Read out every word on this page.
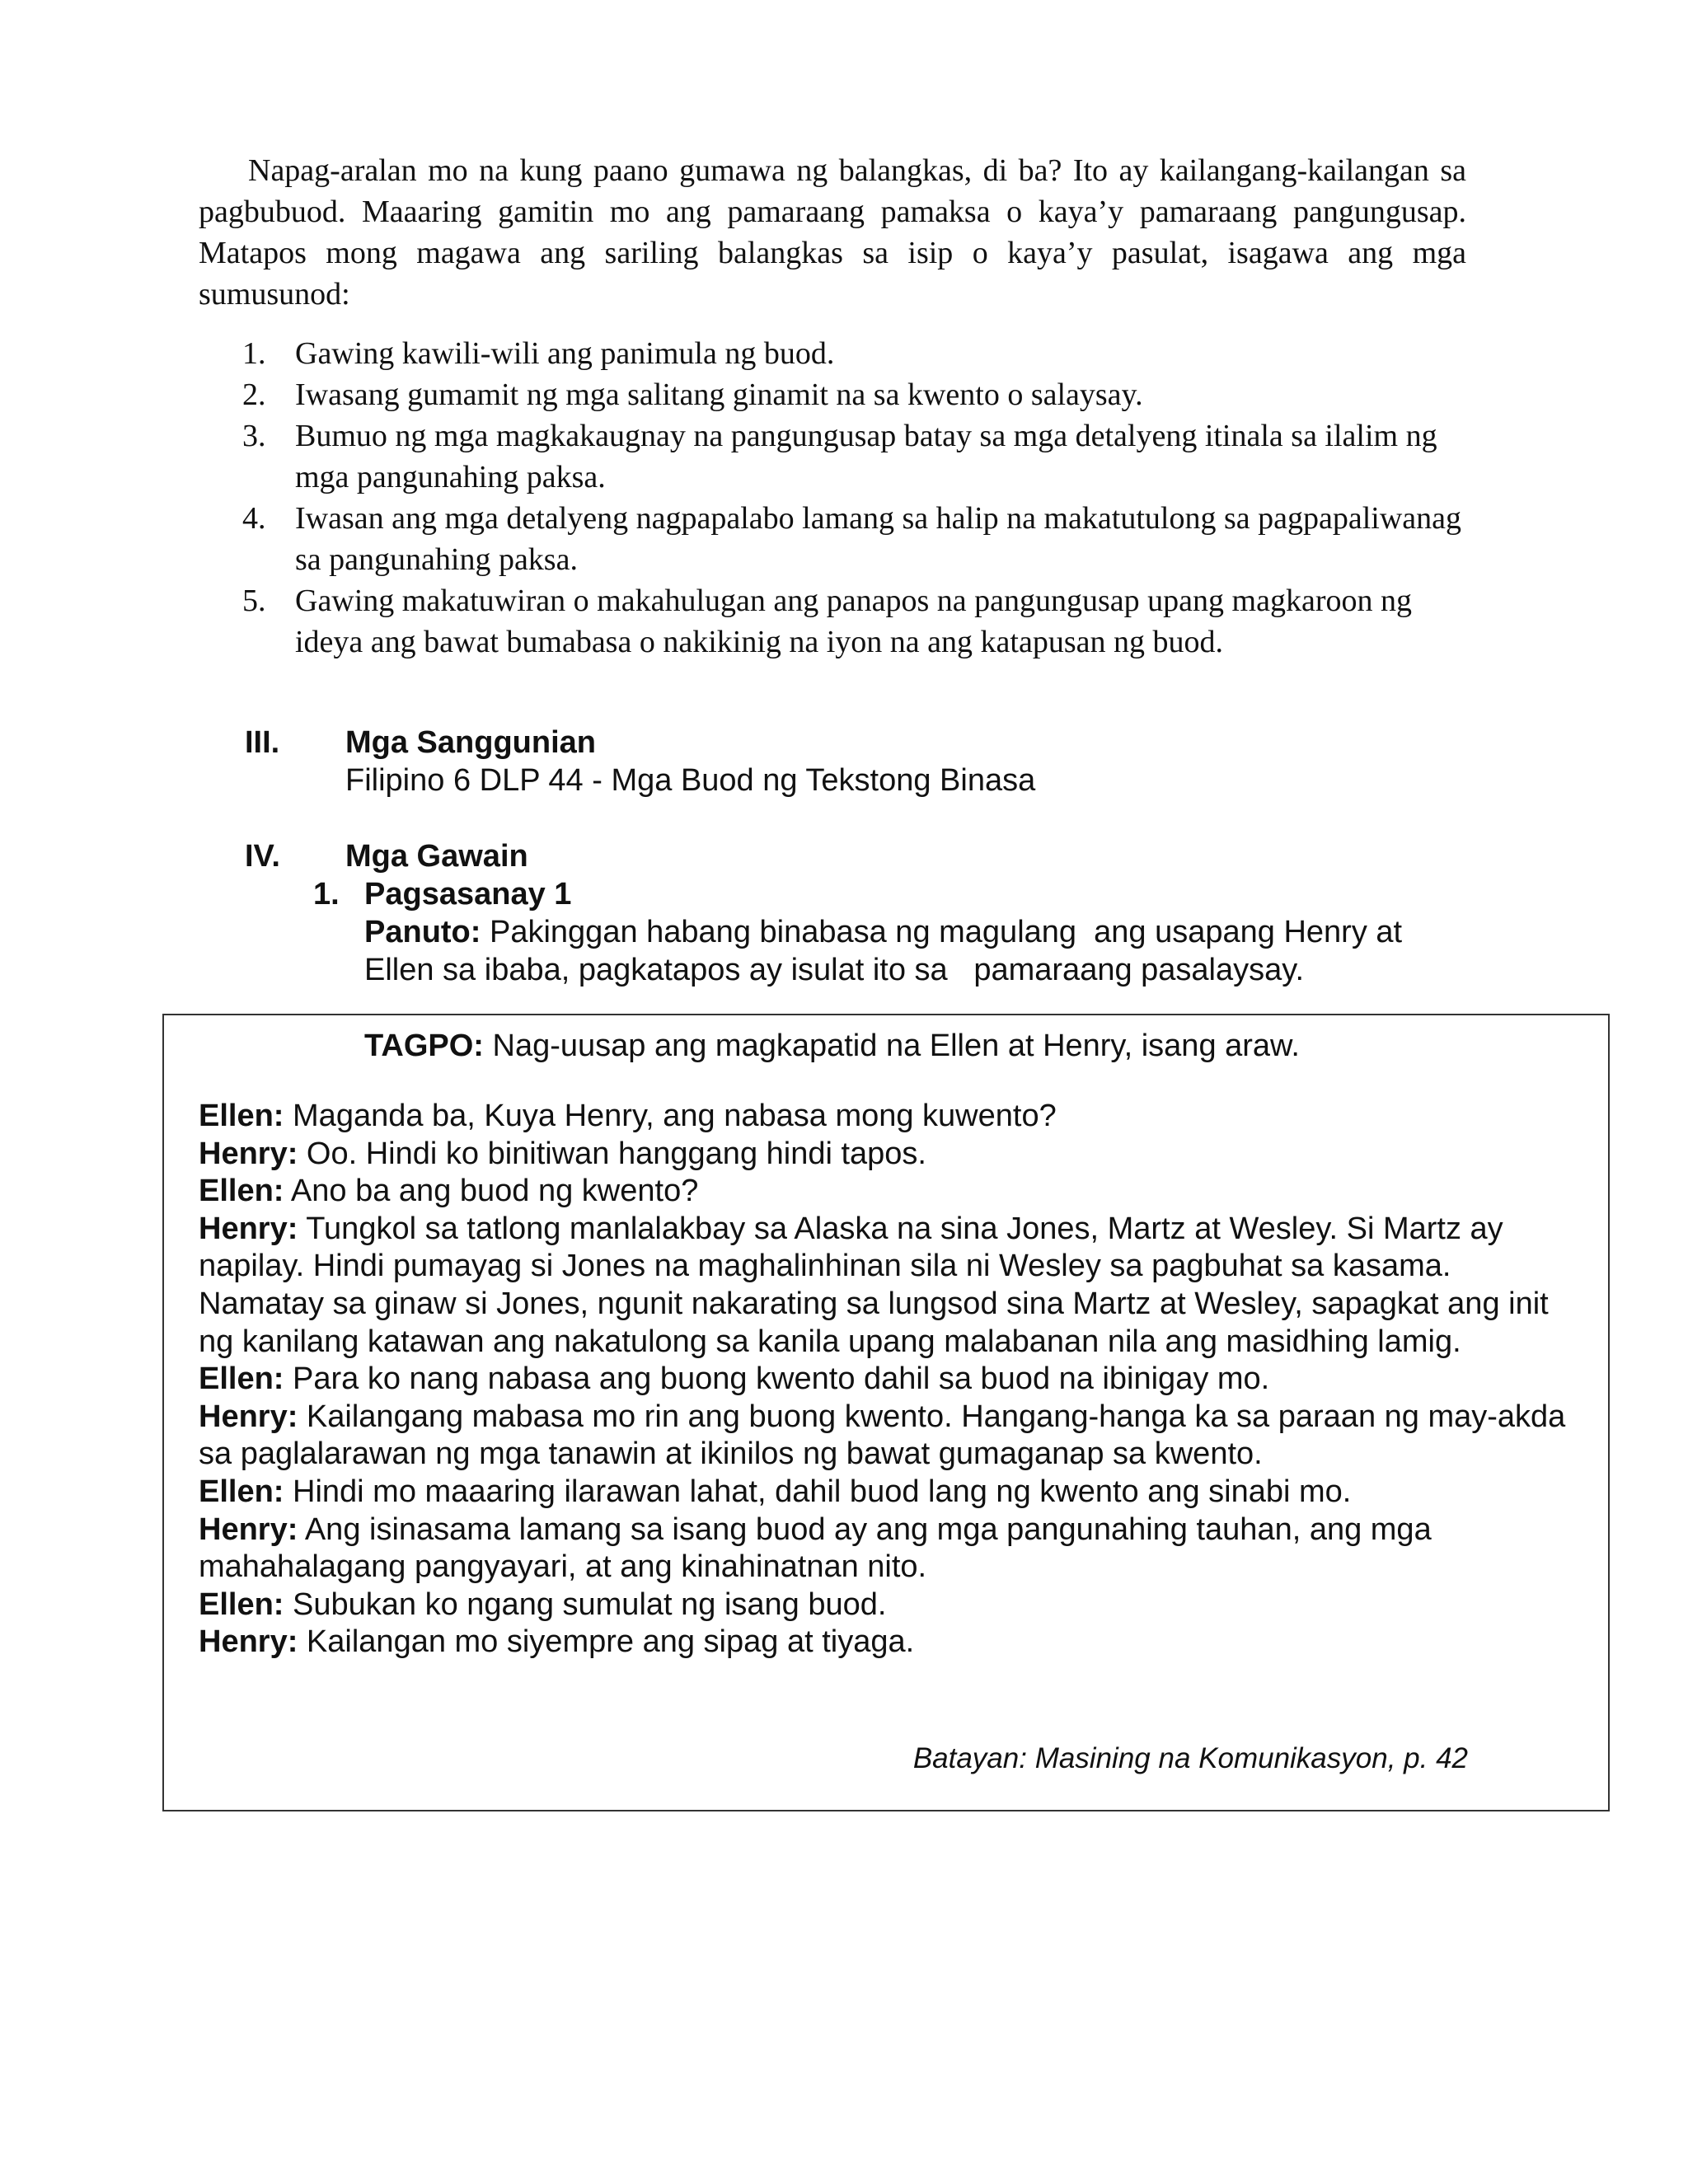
Napag-aralan mo na kung paano gumawa ng balangkas, di ba? Ito ay kailangang-kailangan sa pagbubuod. Maaaring gamitin mo ang pamaraang pamaksa o kaya’y pamaraang pangungusap. Matapos mong magawa ang sariling balangkas sa isip o kaya’y pasulat, isagawa ang mga sumusunod:

1. Gawing kawili-wili ang panimula ng buod.
2. Iwasang gumamit ng mga salitang ginamit na sa kwento o salaysay.
3. Bumuo ng mga magkakaugnay na pangungusap batay sa mga detalyeng itinala sa ilalim ng mga pangunahing paksa.
4. Iwasan ang mga detalyeng nagpapalabo lamang sa halip na makatutulong sa pagpapaliwanag sa pangunahing paksa.
5. Gawing makatuwiran o makahulugan ang panapos na pangungusap upang magkaroon ng ideya ang bawat bumabasa o nakikinig na iyon na ang katapusan ng buod.
III. Mga Sanggunian
Filipino 6 DLP 44 - Mga Buod ng Tekstong Binasa
IV. Mga Gawain
1. Pagsasanay 1
Panuto: Pakinggan habang binabasa ng magulang  ang usapang Henry at
Ellen sa ibaba, pagkatapos ay isulat ito sa   pamaraang pasalaysay.
TAGPO: Nag-uusap ang magkapatid na Ellen at Henry, isang araw.
Ellen: Maganda ba, Kuya Henry, ang nabasa mong kuwento?
Henry: Oo. Hindi ko binitiwan hanggang hindi tapos.
Ellen: Ano ba ang buod ng kwento?
Henry: Tungkol sa tatlong manlalakbay sa Alaska na sina Jones, Martz at Wesley. Si Martz ay napilay. Hindi pumayag si Jones na maghalinhinan sila ni Wesley sa pagbuhat sa kasama. Namatay sa ginaw si Jones, ngunit nakarating sa lungsod sina Martz at Wesley, sapagkat ang init ng kanilang katawan ang nakatulong sa kanila upang malabanan nila ang masidhing lamig.
Ellen: Para ko nang nabasa ang buong kwento dahil sa buod na ibinigay mo.
Henry: Kailangang mabasa mo rin ang buong kwento. Hangang-hanga ka sa paraan ng may-akda sa paglalarawan ng mga tanawin at ikinilos ng bawat gumaganap sa kwento.
Ellen: Hindi mo maaaring ilarawan lahat, dahil buod lang ng kwento ang sinabi mo.
Henry: Ang isinasama lamang sa isang buod ay ang mga pangunahing tauhan, ang mga mahahalagang pangyayari, at ang kinahinatnan nito.
Ellen: Subukan ko ngang sumulat ng isang buod.
Henry: Kailangan mo siyempre ang sipag at tiyaga.
Batayan: Masining na Komunikasyon, p. 42
